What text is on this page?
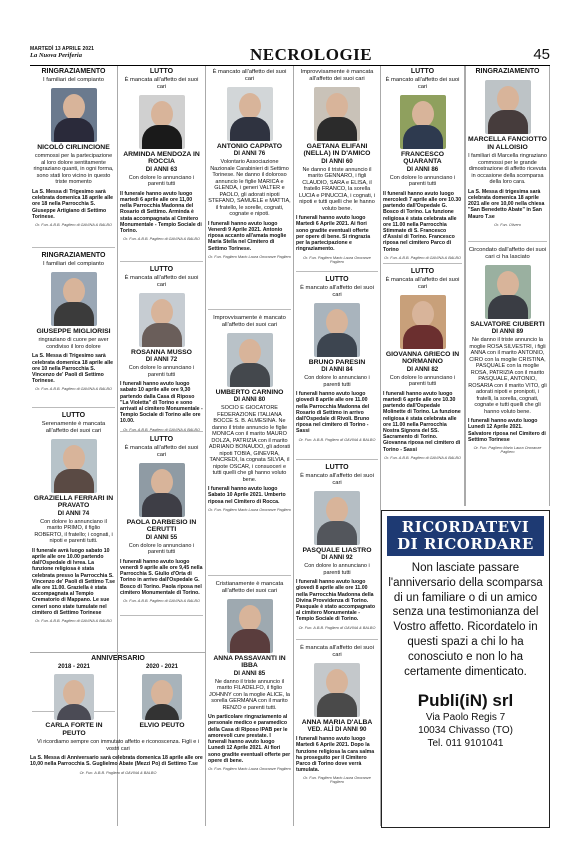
MARTEDÌ 13 APRILE 2021
La Nuova Periferia	NECROLOGIE	45
RINGRAZIAMENTO
I familiari del compianto
NICOLÒ CIRLINCIONE
commossi per la partecipazione al loro dolore sentitamente ringraziano quanti, in ogni forma, sono stati loro vicino in questo triste momento
La S. Messa di Trigesimo sarà celebrata domenica 18 aprile alle ore 18 nella Parrocchia S. Giuseppe Artigiano di Settimo Torinese.
Or. Fun. A.B.B. Pagliero di GAVINA & BALBO
RINGRAZIAMENTO
I familiari del compianto
GIUSEPPE MIGLIORISI
ringraziano di cuore per aver condiviso il loro dolore
La S. Messa di Trigesimo sarà celebrata domenica 18 aprile alle ore 10 nella Parrocchia S. Vincenzo de' Paoli di Settimo Torinese.
Or. Fun. A.B.B. Pagliero di GAVINA & BALBO
LUTTO
Serenamente è mancata all'affetto dei suoi cari
GRAZIELLA FERRARI IN PRAVATO
DI ANNI 74
Con dolore lo annunciano il marito PRIMO, il figlio ROBERTO, il fratello; i cognati, i nipoti e parenti tutti.
Il funerale avrà luogo sabato 10 aprile alle ore 10.00 partendo dall'Ospedale di Ivrea. La funzione religiosa è stata celebrata presso la Parrocchia S. Vincenzo de' Paoli di Settimo T.se alle ore 11.00. Graziella è stata accompagnata al Tempio Crematorio di Mappano. Le sue ceneri sono state tumulate nel cimitero di Settimo Torinese
Or. Fun. A.B.B. Pagliero di GAVINA & BALBO
LUTTO
È mancata all'affetto dei suoi cari
ARMINDA MENDOZA IN ROCCIA
DI ANNI 63
Con dolore lo annunciano i parenti tutti
Il funerale hanno avuto luogo martedì 6 aprile alle ore 11,00 nella Parrocchia Madonna del Rosario di Settimo. Arminda è stata accompagnata al Cimitero Monumentale - Tempio Sociale di Torino.
Or. Fun. A.B.B. Pagliero di GAVINA & BALBO
LUTTO
È mancata all'affetto dei suoi cari
ROSANNA MUSSO
DI ANNI 72
Con dolore lo annunciano i parenti tutti
I funerali hanno avuto luogo sabato 10 aprile alle ore 9,30 partendo dalla Casa di Riposo "La Violetta" di Torino e sono arrivati al cimitero Monumentale - Tempio Sociale di Torino alle ore 10.00.
Or. Fun. A.B.B. Pagliero di GAVINA & BALBO
LUTTO
È mancata all'affetto dei suoi cari
PAOLA DARBESIO IN CERUTTI
DI ANNI 55
Con dolore lo annunciano i parenti tutti
I funerali hanno avuto luogo venerdì 9 aprile alle ore 9,45 nella Parrocchia S. Giulio d'Orta di Torino in arrivo dall'Ospedale G. Bosco di Torino. Paola riposa nel cimitero Monumentale di Torino.
Or. Fun. A.B.B. Pagliero di GAVINA & BALBO
ANNIVERSARIO
2018 - 2021	2020 - 2021
CARLA FORTE IN PEUTO
ELVIO PEUTO
Vi ricordiamo sempre con immutato affetto e riconoscenza. Figli e i vostri cari
La S. Messa di Anniversario sarà celebrata domenica 18 aprile alle ore 10,00 nella Parrocchia S. Guglielmo Abate (Mezzi Po) di Settimo T.se
Or. Fun. A.B.B. Pagliero di GAVINA & BALBO
È mancato all'affetto dei suoi cari
ANTONIO CAPPATO
DI ANNI 76
Volontario Associazione Nazionale Carabinieri di Settimo Torinese. Ne danno il doloroso annuncio le figlie MARICA e GLENDA, i generi VALTER e PAOLO, gli adorati nipoti STEFANO, SAMUELE e MATTIA, il fratello, le sorelle, cognati, cognate e nipoti.
I funerali hanno avuto luogo Venerdì 9 Aprile 2021. Antonio riposa accanto all'amata moglie Maria Stella nel Cimitero di Settimo Torinese.
Or. Fun. Pagliero Mario Laura Onoranze Pagliero
Improvvisamente è mancato all'affetto dei suoi cari
UMBERTO CARNINO
DI ANNI 80
SOCIO E GIOCATORE FEDERAZIONE ITALIANA BOCCE S. B. ALMESINA. Ne danno il triste annuncio le figlie MONICA con il marito MAURO DOLZA, PATRIZIA con il marito ADRIANO BONAUDO, gli adorati nipoti TOBIA, GINEVRA, TANCREDI, la cognata SILVIA, il nipote OSCAR, i consuoceri e tutti quelli che gli hanno voluto bene.
I funerali hanno avuto luogo Sabato 10 Aprile 2021. Umberto riposa nel Cimitero di Rocca.
Or. Fun. Pagliero Mario Laura Onoranze Pagliero
Cristianamente è mancata all'affetto dei suoi cari
ANNA PASSAVANTI IN IBBA
DI ANNI 85
Ne danno il triste annuncio il marito FILADELFO, il figlio JOHNNY con la moglie ALICE, la sorella GERMANA con il marito RENZO e parenti tutti.
Un particolare ringraziamento al personale medico e paramedico della Casa di Riposo IPAB per le amorevoli cure prestate. I funerali hanno avuto luogo Lunedì 12 Aprile 2021. Ai fiori sono gradite eventuali offerte per opere di bene.
Or. Fun. Pagliero Mario Laura Onoranze Pagliero
Improvvisamente è mancata all'affetto dei suoi cari
GAETANA ELIFANI (NELLA) IN D'AMICO
DI ANNI 60
Ne danno il triste annuncio il marito GENNARO, i figli CLAUDIO, SARA e ELISA, il fratello FRANCO, la sorella LUCIA e PINUCCIA, i cognati, i nipoti e tutti quelli che le hanno voluto bene.
I funerali hanno avuto luogo Martedì 6 Aprile 2021. Ai fiori sono gradite eventuali offerte per opere di bene. Si ringrazia per la partecipazione e ringraziamento.
Or. Fun. Pagliero Mario Laura Onoranze Pagliero
LUTTO
È mancato all'affetto dei suoi cari
BRUNO PARESIN
DI ANNI 84
Con dolore lo annunciano i parenti tutti
I funerali hanno avuto luogo giovedì 8 aprile alle ore 11.00 nella Parrocchia Madonna del Rosario di Settimo in arrivo dall'Ospedale di Rivoli. Bruno riposa nel cimitero di Torino - Sassi
Or. Fun. A.B.B. Pagliero di GAVINA & BALBO
LUTTO
È mancato all'affetto dei suoi cari
PASQUALE LIASTRO
DI ANNI 92
Con dolore lo annunciano i parenti tutti
I funerali hanno avuto luogo giovedì 8 aprile alle ore 11.00 nella Parrocchia Madonna della Divina Provvidenza di Torino. Pasquale è stato accompagnato al cimitero Monumentale - Tempio Sociale di Torino.
Or. Fun. A.B.B. Pagliero di GAVINA & BALBO
È mancata all'affetto dei suoi cari
ANNA MARIA D'ALBA
VED. ALÌ DI ANNI 90
I funerali hanno avuto luogo Martedì 6 Aprile 2021. Dopo la funzione religiosa la cara salma ha proseguito per il Cimitero Parco di Torino dove verrà tumulata.
Or. Fun. Pagliero Mario Laura Onoranze Pagliero
LUTTO
È mancato all'affetto dei suoi cari
FRANCESCO QUARANTA
DI ANNI 86
Con dolore lo annunciano i parenti tutti
Il funerali hanno avuto luogo mercoledì 7 aprile alle ore 10.30 partendo dall'Ospedale G. Bosco di Torino. La funzione religiosa è stata celebrata alle ore 11.00 nella Parrocchia Stimmate di S. Francesco d'Assisi di Torino. Francesco riposa nel cimitero Parco di Torino
Or. Fun. A.B.B. Pagliero di GAVINA & BALBO
LUTTO
È mancata all'affetto dei suoi cari
GIOVANNA GRIECO IN NORMANNO
DI ANNI 82
Con dolore lo annunciano i parenti tutti
I funerali hanno avuto luogo martedì 6 aprile alle ore 10.30 partendo dall'Ospedale Molinette di Torino. La funzione religiosa è stata celebrata alle ore 11.00 nella Parrocchia Nostra Signora del SS. Sacramento di Torino. Giovanna riposa nel cimitero di Torino - Sassi
Or. Fun. A.B.B. Pagliero di GAVINA & BALBO
RINGRAZIAMENTO
MARCELLA FANCIOTTO IN ALLOISIO
I familiari di Marcella ringraziano commossi per le grande dimostrazione di affetto ricevuta in occasione della scomparsa della loro cara.
La S. Messa di trigesima sarà celebrata domenica 18 aprile 2021 alle ore 10,00 nella chiesa "San Benedetto Abate" in San Mauro T.se
Or. Fun. Olivero
Circondato dall'affetto dei suoi cari ci ha lasciato
SALVATORE CIUBERTI
DI ANNI 89
Ne danno il triste annuncio la moglie ROSA SILVESTRI, i figli ANNA con il marito ANTONIO, CIRO con la moglie CRISTINA, PASQUALE con la moglie ROSA, PATRIZIA con il marito PASQUALE, ANTONIO, ROSARIA con il marito VITO, gli adorati nipoti e pronipoti, i fratelli, la sorella, cognati, cognate e tutti quelli che gli hanno voluto bene.
I funerali hanno avuto luogo Lunedì 12 Aprile 2021. Salvatore riposa nel Cimitero di Settimo Torinese
Or. Fun. Pagliero Mario Laura Onoranze Pagliero
RICORDATEVI
DI RICORDARE
Non lasciate passare l'anniversario della scomparsa di un familiare o di un amico senza una testimonianza del Vostro affetto. Ricordatelo in questi spazi a chi lo ha conosciuto e non lo ha certamente dimenticato.
Publi(iN) srl
Via Paolo Regis 7
10034 Chivasso (TO)
Tel. 011 9101041
